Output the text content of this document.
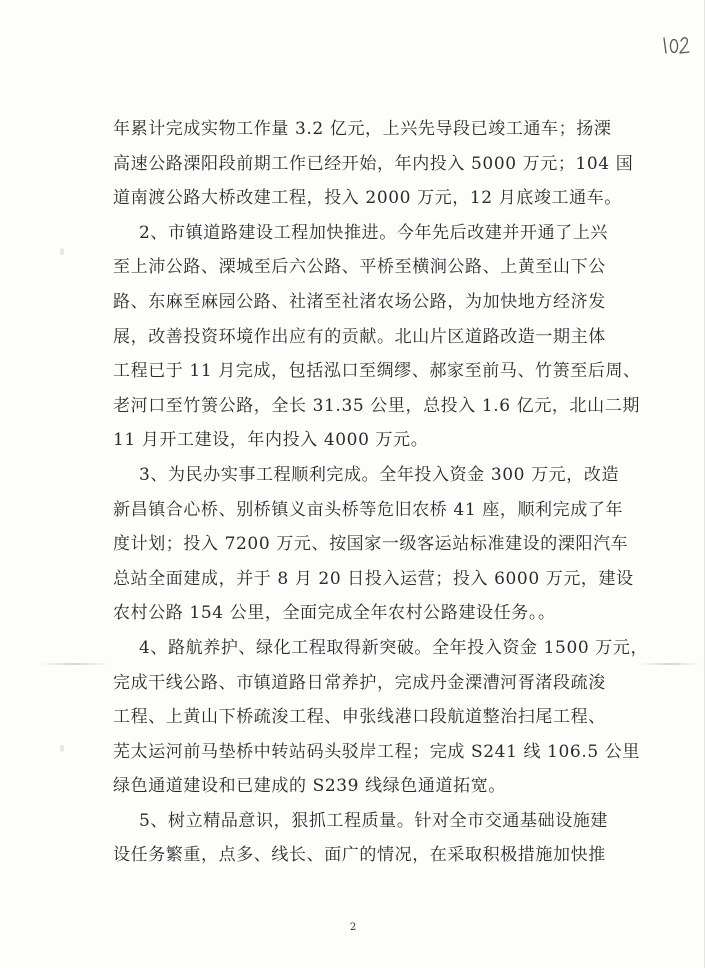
年累计完成实物工作量 3.2 亿元，上兴先导段已竣工通车；扬溧
高速公路溧阳段前期工作已经开始，年内投入 5000 万元；104 国
道南渡公路大桥改建工程，投入 2000 万元，12 月底竣工通车。
2、市镇道路建设工程加快推进。今年先后改建并开通了上兴
至上沛公路、溧城至后六公路、平桥至横涧公路、上黄至山下公
路、东麻至麻园公路、社渚至社渚农场公路，为加快地方经济发
展，改善投资环境作出应有的贡献。北山片区道路改造一期主体
工程已于 11 月完成，包括泓口至绸缪、郝家至前马、竹箦至后周、
老河口至竹箦公路，全长 31.35 公里，总投入 1.6 亿元，北山二期
11 月开工建设，年内投入 4000 万元。
3、为民办实事工程顺利完成。全年投入资金 300 万元，改造
新昌镇合心桥、别桥镇义亩头桥等危旧农桥 41 座，顺利完成了年
度计划；投入 7200 万元、按国家一级客运站标准建设的溧阳汽车
总站全面建成，并于 8 月 20 日投入运营；投入 6000 万元，建设
农村公路 154 公里，全面完成全年农村公路建设任务。。
4、路航养护、绿化工程取得新突破。全年投入资金 1500 万元，
完成干线公路、市镇道路日常养护，完成丹金溧漕河胥渚段疏浚
工程、上黄山下桥疏浚工程、申张线港口段航道整治扫尾工程、
芜太运河前马垫桥中转站码头驳岸工程；完成 S241 线 106.5 公里
绿色通道建设和已建成的 S239 线绿色通道拓宽。
5、树立精品意识，狠抓工程质量。针对全市交通基础设施建
设任务繁重，点多、线长、面广的情况，在采取积极措施加快推
2
